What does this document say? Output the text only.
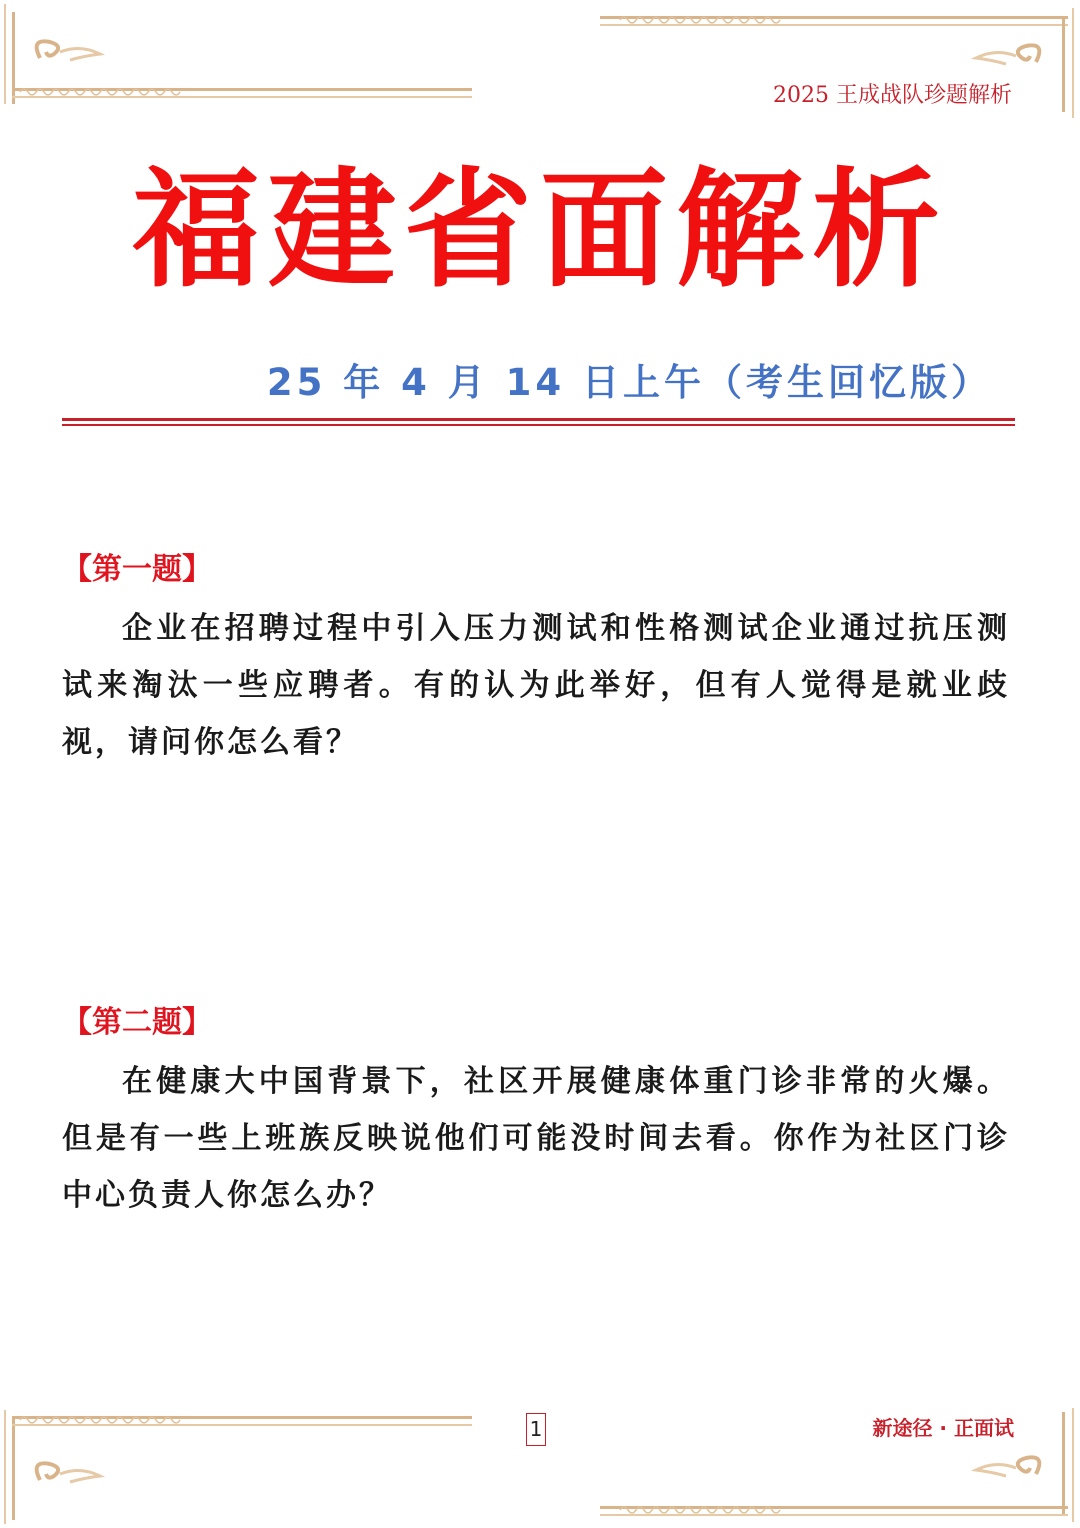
2025 王成战队珍题解析

福建省面解析

25 年 4 月 14 日上午（考生回忆版）

【第一题】

企业在招聘过程中引入压力测试和性格测试企业通过抗压测试来淘汰一些应聘者。有的认为此举好，但有人觉得是就业歧视，请问你怎么看？

【第二题】

在健康大中国背景下，社区开展健康体重门诊非常的火爆。但是有一些上班族反映说他们可能没时间去看。你作为社区门诊中心负责人你怎么办？

1	新途径 · 正面试
